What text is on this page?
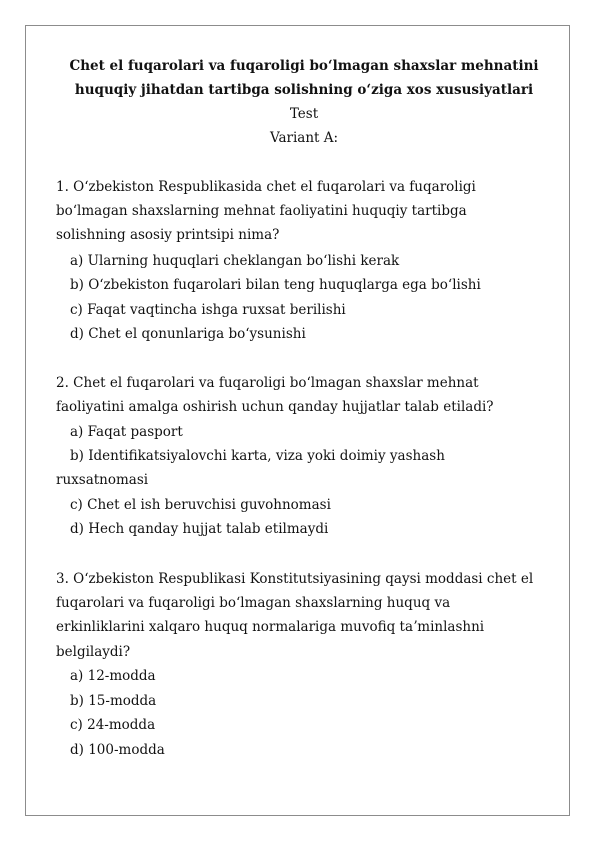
Chet el fuqarolari va fuqaroligi boʻlmagan shaxslar mehnatini
huquqiy jihatdan tartibga solishning oʻziga xos xususiyatlari
Test
Variant A:
1. Oʻzbekiston Respublikasida chet el fuqarolari va fuqaroligi
boʻlmagan shaxslarning mehnat faoliyatini huquqiy tartibga
solishning asosiy printsipi nima?
a) Ularning huquqlari cheklangan boʻlishi kerak
b) Oʻzbekiston fuqarolari bilan teng huquqlarga ega boʻlishi
c) Faqat vaqtincha ishga ruxsat berilishi
d) Chet el qonunlariga boʻysunishi
2. Chet el fuqarolari va fuqaroligi boʻlmagan shaxslar mehnat
faoliyatini amalga oshirish uchun qanday hujjatlar talab etiladi?
a) Faqat pasport
b) Identifikatsiyalovchi karta, viza yoki doimiy yashash
ruxsatnomasi
c) Chet el ish beruvchisi guvohnomasi
d) Hech qanday hujjat talab etilmaydi
3. Oʻzbekiston Respublikasi Konstitutsiyasining qaysi moddasi chet el
fuqarolari va fuqaroligi boʻlmagan shaxslarning huquq va
erkinliklarini xalqaro huquq normalariga muvofiq taʼminlashni
belgilaydi?
a) 12-modda
b) 15-modda
c) 24-modda
d) 100-modda
